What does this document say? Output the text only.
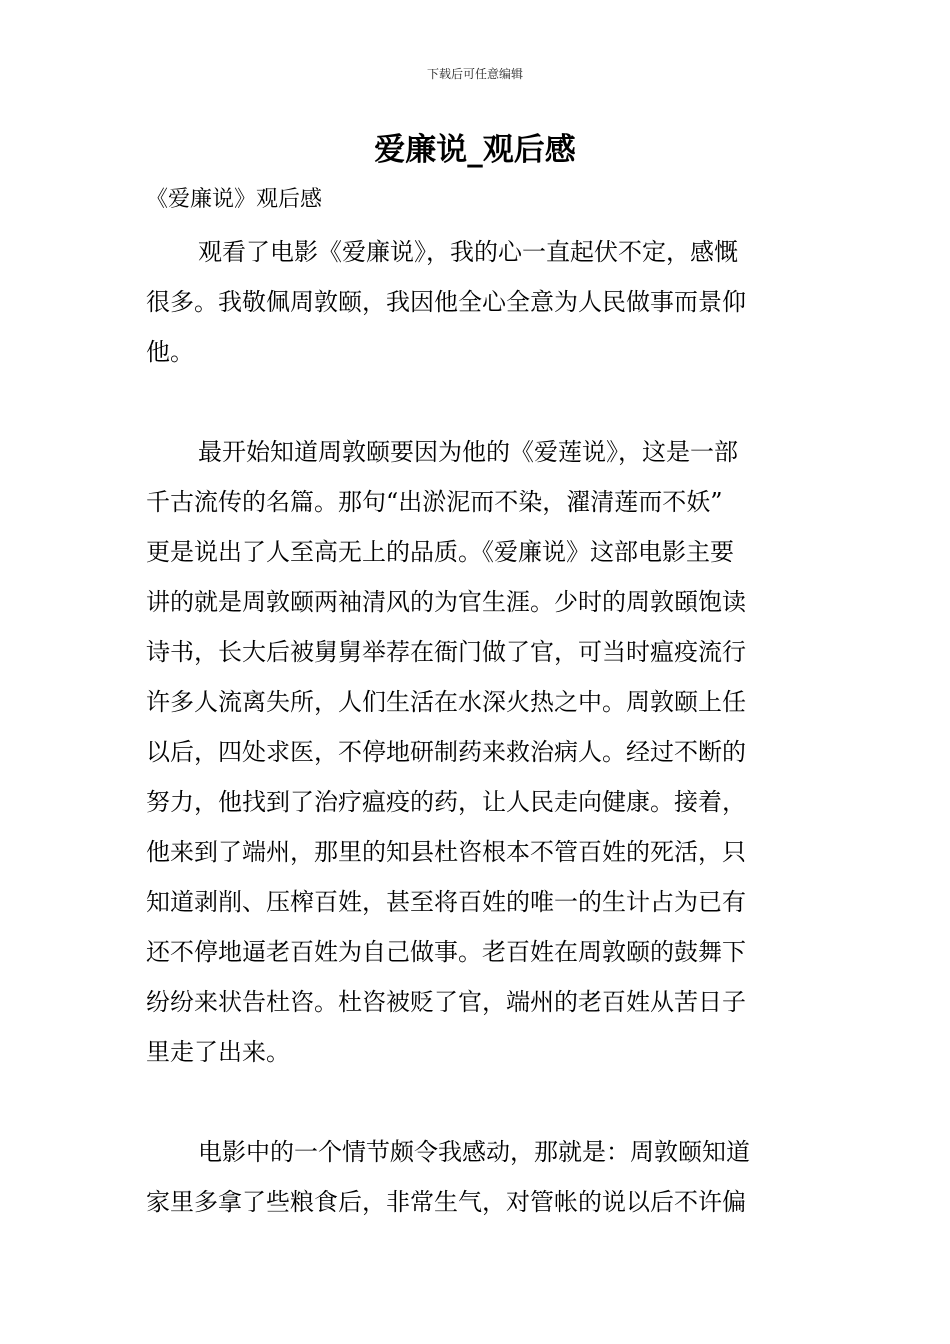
下载后可任意编辑
爱廉说_观后感
《爱廉说》观后感
观看了电影《爱廉说》，我的心一直起伏不定，感慨
很多。我敬佩周敦颐，我因他全心全意为人民做事而景仰
他。
最开始知道周敦颐要因为他的《爱莲说》，这是一部
千古流传的名篇。那句“出淤泥而不染，濯清莲而不妖”
更是说出了人至高无上的品质。《爱廉说》这部电影主要
讲的就是周敦颐两袖清风的为官生涯。少时的周敦頣饱读
诗书，长大后被舅舅举荐在衙门做了官，可当时瘟疫流行
许多人流离失所，人们生活在水深火热之中。周敦颐上任
以后，四处求医，不停地研制药来救治病人。经过不断的
努力，他找到了治疗瘟疫的药，让人民走向健康。接着，
他来到了端州，那里的知县杜咨根本不管百姓的死活，只
知道剥削、压榨百姓，甚至将百姓的唯一的生计占为已有
还不停地逼老百姓为自己做事。老百姓在周敦颐的鼓舞下
纷纷来状告杜咨。杜咨被贬了官，端州的老百姓从苦日子
里走了出来。
电影中的一个情节颇令我感动，那就是：周敦颐知道
家里多拿了些粮食后，非常生气，对管帐的说以后不许偏
